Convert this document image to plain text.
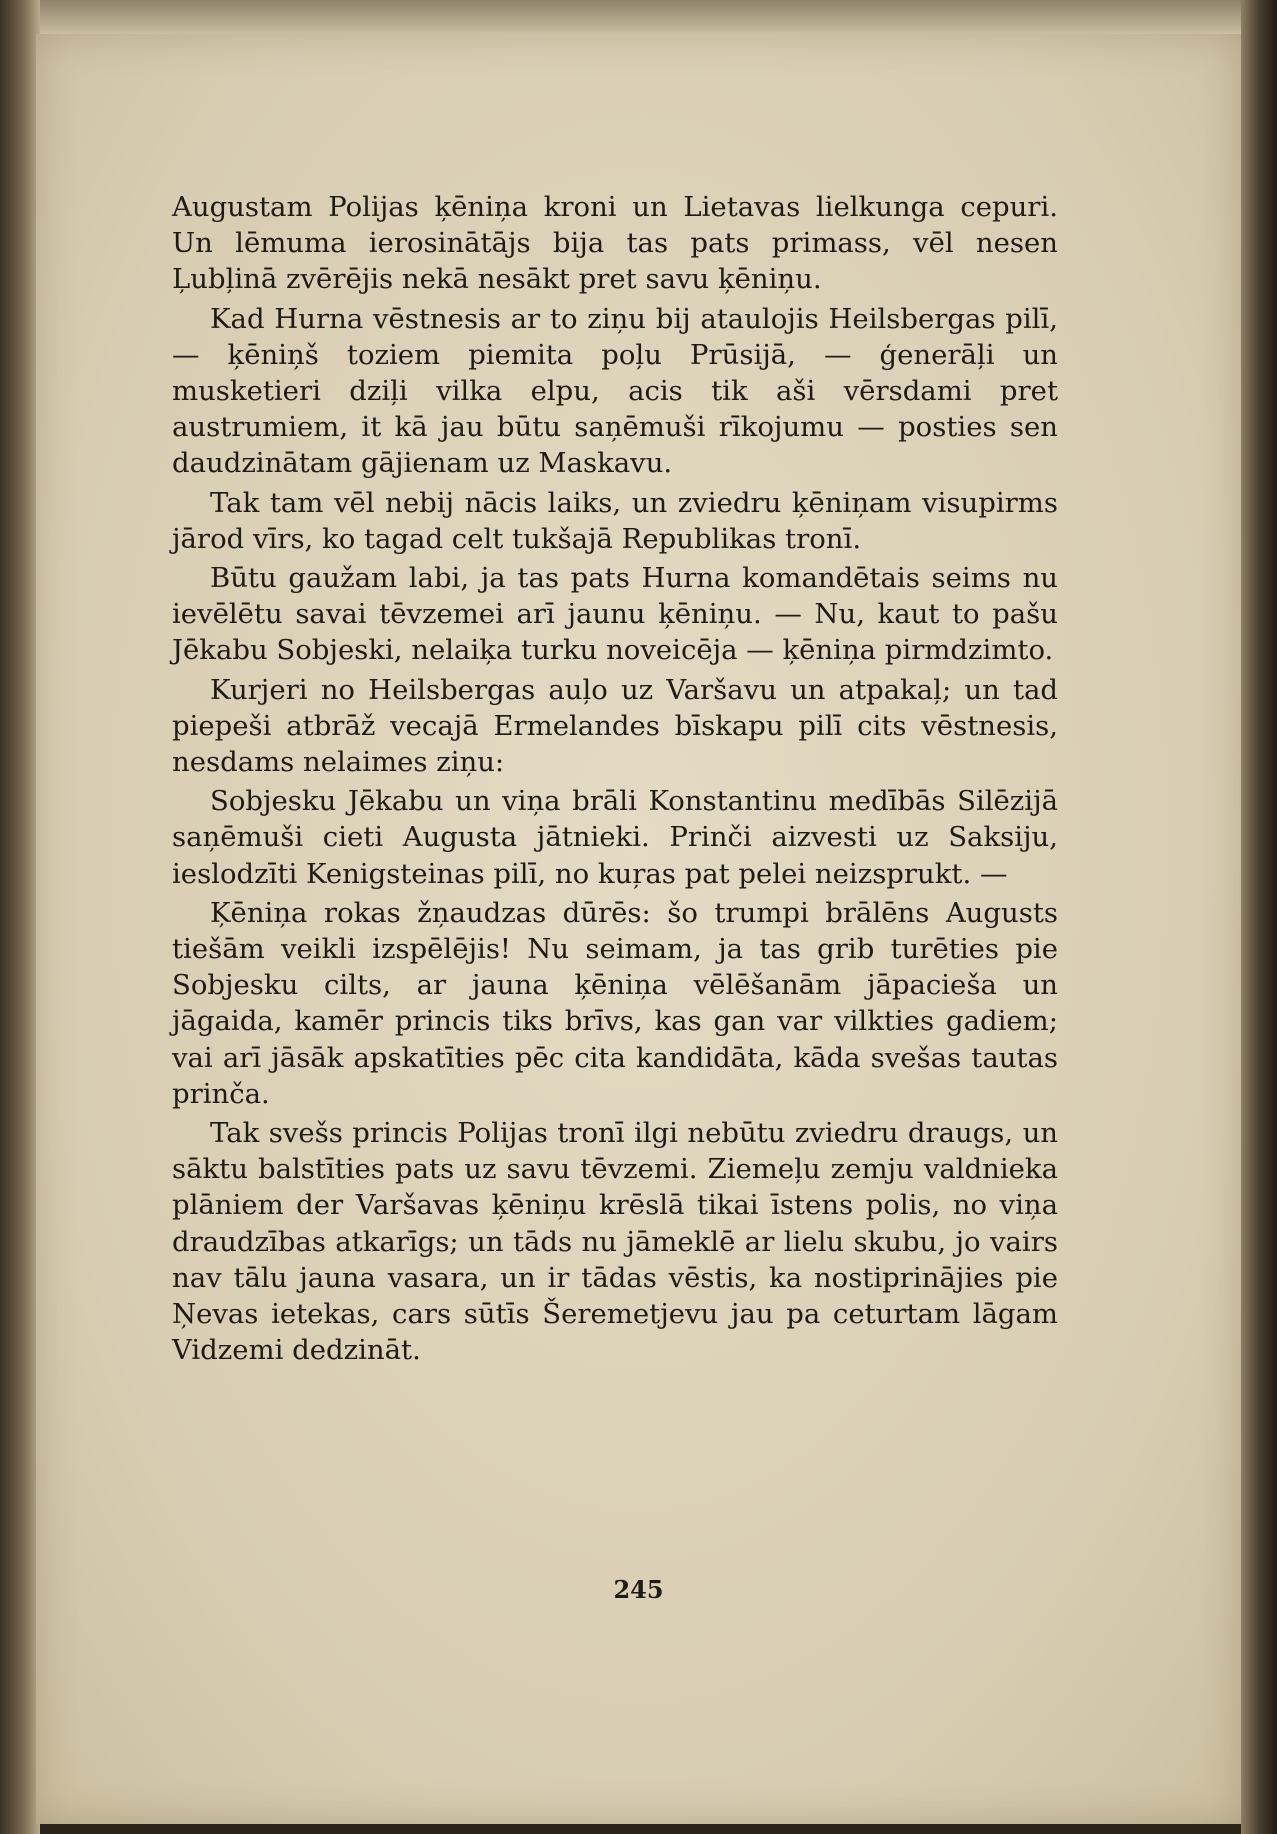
Augustam Polijas ķēniņa kroni un Lietavas lielkunga cepuri. Un lēmuma ierosinātājs bija tas pats primass, vēl nesen Ļubļinā zvērējis nekā nesākt pret savu ķēniņu.

Kad Hurna vēstnesis ar to ziņu bij ataulojis Heilsbergas pilī, — ķēniņš toziem piemita poļu Prūsijā, — ģenerāļi un musketieri dziļi vilka elpu, acis tik aši vērsdami pret austrumiem, it kā jau būtu saņēmuši rīkojumu — posties sen daudzinātam gājienam uz Maskavu.

Tak tam vēl nebij nācis laiks, un zviedru ķēniņam visupirms jārod vīrs, ko tagad celt tukšajā Republikas tronī.

Būtu gaužam labi, ja tas pats Hurna komandētais seims nu ievēlētu savai tēvzemei arī jaunu ķēniņu. — Nu, kaut to pašu Jēkabu Sobjeski, nelaiķa turku noveicēja — ķēniņa pirmdzimto.

Kurjeri no Heilsbergas auļo uz Varšavu un atpakaļ; un tad piepeši atbrāž vecajā Ermelandes bīskapu pilī cits vēstnesis, nesdams nelaimes ziņu:

Sobjesku Jēkabu un viņa brāli Konstantinu medībās Silēzijā saņēmuši cieti Augusta jātnieki. Prinči aizvesti uz Saksiju, ieslodzīti Kenigsteinas pilī, no kuŗas pat pelei neizsprukt. —

Ķēniņa rokas žņaudzas dūrēs: šo trumpi brālēns Augusts tiešām veikli izspēlējis! Nu seimam, ja tas grib turēties pie Sobjesku cilts, ar jauna ķēniņa vēlēšanām jāpacieša un jāgaida, kamēr princis tiks brīvs, kas gan var vilkties gadiem; vai arī jāsāk apskatīties pēc cita kandidāta, kāda svešas tautas prinča.

Tak svešs princis Polijas tronī ilgi nebūtu zviedru draugs, un sāktu balstīties pats uz savu tēvzemi. Ziemeļu zemju valdnieka plāniem der Varšavas ķēniņu krēslā tikai īstens polis, no viņa draudzības atkarīgs; un tāds nu jāmeklē ar lielu skubu, jo vairs nav tālu jauna vasara, un ir tādas vēstis, ka nostiprinājies pie Ņevas ietekas, cars sūtīs Šeremetjevu jau pa ceturtam lāgam Vidzemi dedzināt.

245
